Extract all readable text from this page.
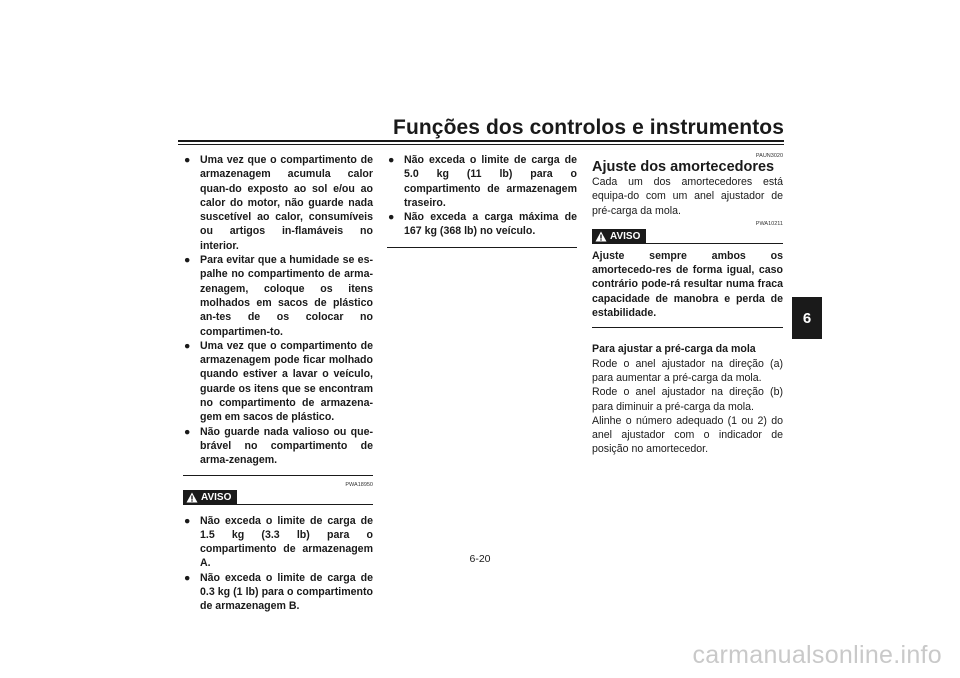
Funções dos controlos e instrumentos
6

● Uma vez que o compartimento de armazenagem acumula calor quan-do exposto ao sol e/ou ao calor do motor, não guarde nada suscetível ao calor, consumíveis ou artigos in-flamáveis no interior.

● Para evitar que a humidade se es-palhe no compartimento de arma-zenagem, coloque os itens molhados em sacos de plástico an-tes de os colocar no compartimen-to.

● Uma vez que o compartimento de armazenagem pode ficar molhado quando estiver a lavar o veículo, guarde os itens que se encontram no compartimento de armazena-gem em sacos de plástico.

● Não guarde nada valioso ou que-brável no compartimento de arma-zenagem.

PWA18950
AVISO

● Não exceda o limite de carga de 1.5 kg (3.3 lb) para o compartimento de armazenagem A.

● Não exceda o limite de carga de 0.3 kg (1 lb) para o compartimento de armazenagem B.

● Não exceda o limite de carga de 5.0 kg (11 lb) para o compartimento de armazenagem traseiro.

● Não exceda a carga máxima de 167 kg (368 lb) no veículo.

PAUN3020
Ajuste dos amortecedores

Cada um dos amortecedores está equipa-do com um anel ajustador de pré-carga da mola.

PWA10211
AVISO

Ajuste sempre ambos os amortecedo-res de forma igual, caso contrário pode-rá resultar numa fraca capacidade de manobra e perda de estabilidade.

Para ajustar a pré-carga da mola

Rode o anel ajustador na direção (a) para aumentar a pré-carga da mola.

Rode o anel ajustador na direção (b) para diminuir a pré-carga da mola.

Alinhe o número adequado (1 ou 2) do anel ajustador com o indicador de posição no amortecedor.

6-20
carmanualsonline.info
